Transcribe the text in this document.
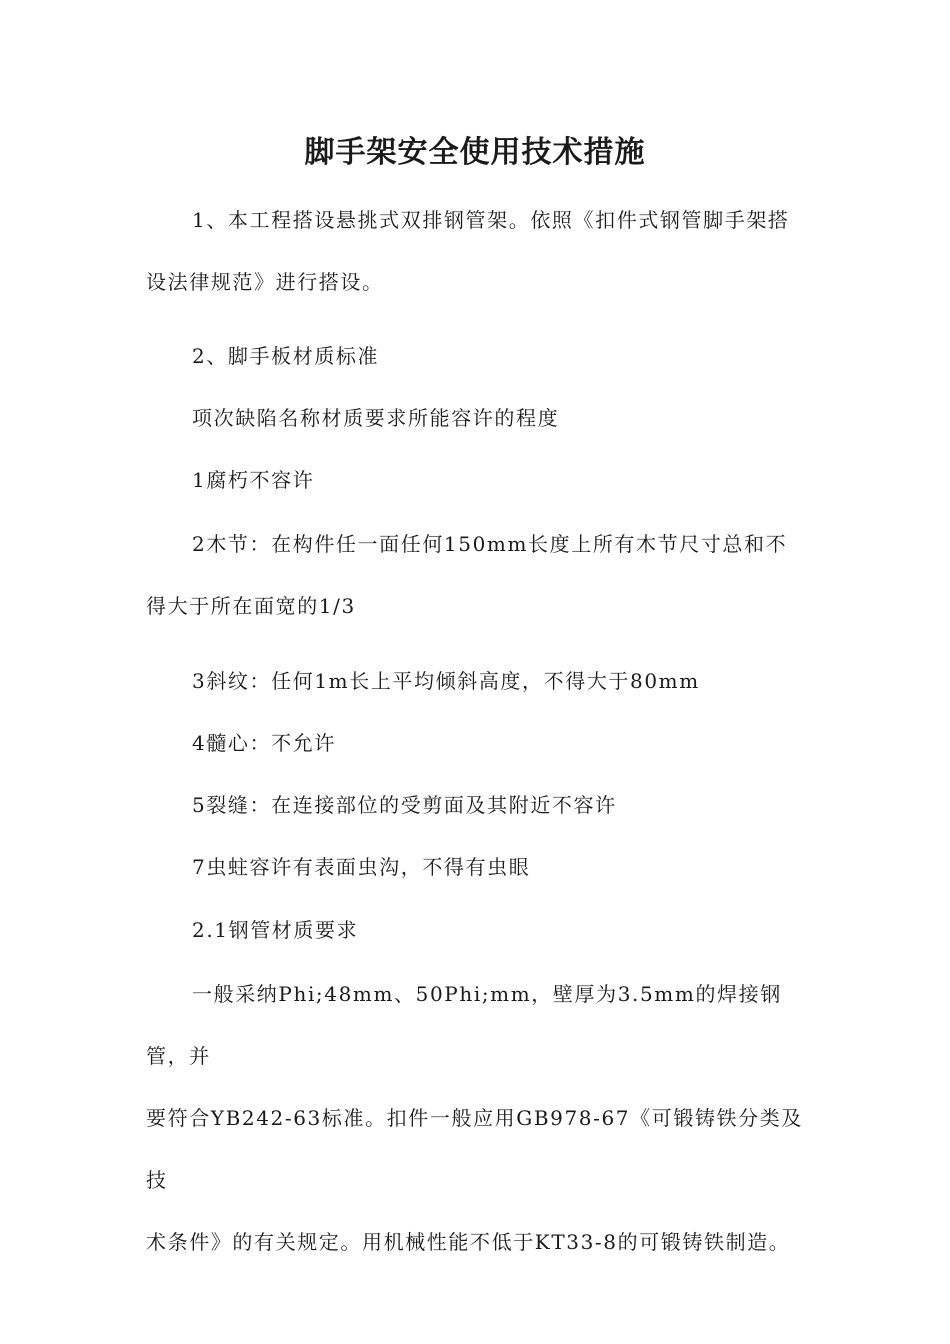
脚手架安全使用技术措施
1、本工程搭设悬挑式双排钢管架。依照《扣件式钢管脚手架搭
设法律规范》进行搭设。
2、脚手板材质标准
项次缺陷名称材质要求所能容许的程度
1腐朽不容许
2木节：在构件任一面任何150mm长度上所有木节尺寸总和不
得大于所在面宽的1/3
3斜纹：任何1m长上平均倾斜高度，不得大于80mm
4髓心：不允许
5裂缝：在连接部位的受剪面及其附近不容许
7虫蛀容许有表面虫沟，不得有虫眼
2.1钢管材质要求
一般采纳Phi;48mm、50Phi;mm，壁厚为3.5mm的焊接钢管，并
要符合YB242-63标准。扣件一般应用GB978-67《可锻铸铁分类及技
术条件》的有关规定。用机械性能不低于KT33-8的可锻铸铁制造。
